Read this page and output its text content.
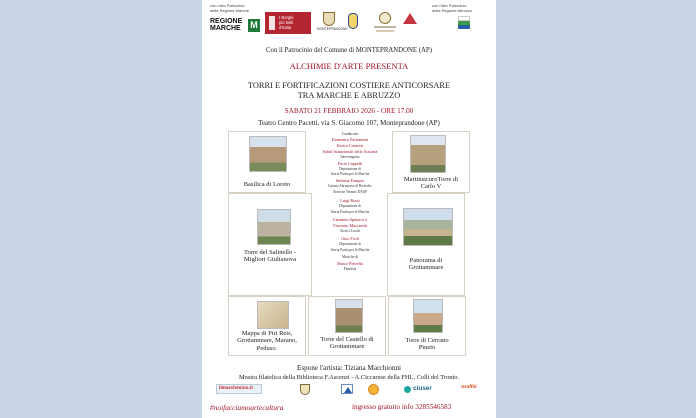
con l'alto Patrocinio
della Regione Marche
REGIONE
MARCHE M
I Borghi
più belli
d'Italia	MONTEPRANDONE
con l'alto Patrocinio
della Regione Abruzzo
Con il Patrocinio del Comune di MONTEPRANDONE (AP)
ALCHIMIE D'ARTE PRESENTA
TORRI E FORTIFICAZIONI COSTIERE ANTICORSARE
TRA MARCHE E ABRUZZO
SABATO 21 FEBBRAIO 2026 - ORE 17.00
Teatro Centro Pacetti, via S. Giacomo 107, Monteprandone (AP)
Basilica di Loreto
MartinsicuroTorre di Carlo V
Torre del Salinello - Migliori Giulianova	Panorama di Grottammare
Mappa di Piri Reis, Grottammare, Marano, Peduso.
Torre del Castello di Grottammare
Torre di Cerrano Pineto
Conducono
Domenico Parlamenti
Enrica Consorti
Saluti Istituzionali delle Autorità
Intervengono
Furio Cappelli
Deputazione di
Storia Patria per le Marche
Stefania Pompeo
Istituto Abruzzese di Ricerche
Storiche Teramo DASP
Luigi Rossi
Deputazione di
Storia Patria per le Marche
Carminio Spinucci e
Vincenzo Mascaretti
Storici Locali
Gino Troli
Deputazione di
Storia Patria per le Marche
Musiche di
Marco Pietrella
Flautista
Espone l'artista: Tiziana Marchionni
Mostra filatelica della Biblioteca F.Ascenzi - A.Ciccarese della FHL, Colli del Tronto.
ilmarchesino.it	ciuser	Graffiti
#noifacciamoartecultura	ingresso gratuito info 3285546583
